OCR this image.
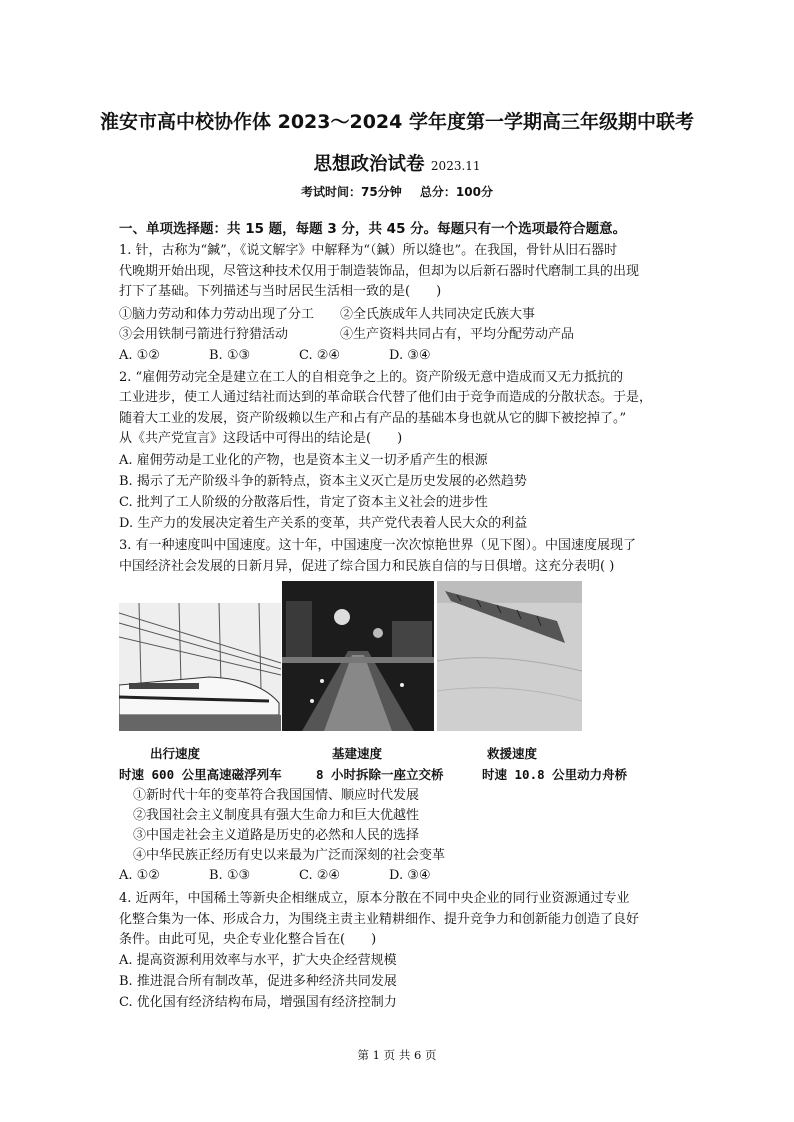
淮安市高中校协作体 2023～2024 学年度第一学期高三年级期中联考
思想政治试卷 2023.11
考试时间：75分钟 总分：100分
一、单项选择题：共 15 题，每题 3 分，共 45 分。每题只有一个选项最符合题意。
1. 针，古称为“鍼”，《说文解字》中解释为“（鍼）所以缝也”。在我国，骨针从旧石器时
代晚期开始出现，尽管这种技术仅用于制造装饰品，但却为以后新石器时代磨制工具的出现
打下了基础。下列描述与当时居民生活相一致的是(　　)
①脑力劳动和体力劳动出现了分工　　②全氏族成年人共同决定氏族大事
③会用铁制弓箭进行狩猎活动　　　　④生产资料共同占有，平均分配劳动产品
A. ①②	B. ①③	C. ②④	D. ③④
2. “雇佣劳动完全是建立在工人的自相竞争之上的。资产阶级无意中造成而又无力抵抗的
工业进步，使工人通过结社而达到的革命联合代替了他们由于竞争而造成的分散状态。于是，
随着大工业的发展，资产阶级赖以生产和占有产品的基础本身也就从它的脚下被挖掉了。”
从《共产党宣言》这段话中可得出的结论是(　　)
A. 雇佣劳动是工业化的产物，也是资本主义一切矛盾产生的根源
B. 揭示了无产阶级斗争的新特点，资本主义灭亡是历史发展的必然趋势
C. 批判了工人阶级的分散落后性，肯定了资本主义社会的进步性
D. 生产力的发展决定着生产关系的变革，共产党代表着人民大众的利益
3. 有一种速度叫中国速度。这十年，中国速度一次次惊艳世界（见下图）。中国速度展现了
中国经济社会发展的日新月异，促进了综合国力和民族自信的与日俱增。这充分表明( )
出行速度	基建速度	救援速度
时速 600 公里高速磁浮列车	8 小时拆除一座立交桥	时速 10.8 公里动力舟桥
①新时代十年的变革符合我国国情、顺应时代发展
②我国社会主义制度具有强大生命力和巨大优越性
③中国走社会主义道路是历史的必然和人民的选择
④中华民族正经历有史以来最为广泛而深刻的社会变革
A. ①②	B. ①③	C. ②④	D. ③④
4. 近两年，中国稀土等新央企相继成立，原本分散在不同中央企业的同行业资源通过专业
化整合集为一体、形成合力，为围绕主责主业精耕细作、提升竞争力和创新能力创造了良好
条件。由此可见，央企专业化整合旨在(　　)
A. 提高资源利用效率与水平，扩大央企经营规模
B. 推进混合所有制改革，促进多种经济共同发展
C. 优化国有经济结构布局，增强国有经济控制力
第 1 页 共 6 页
